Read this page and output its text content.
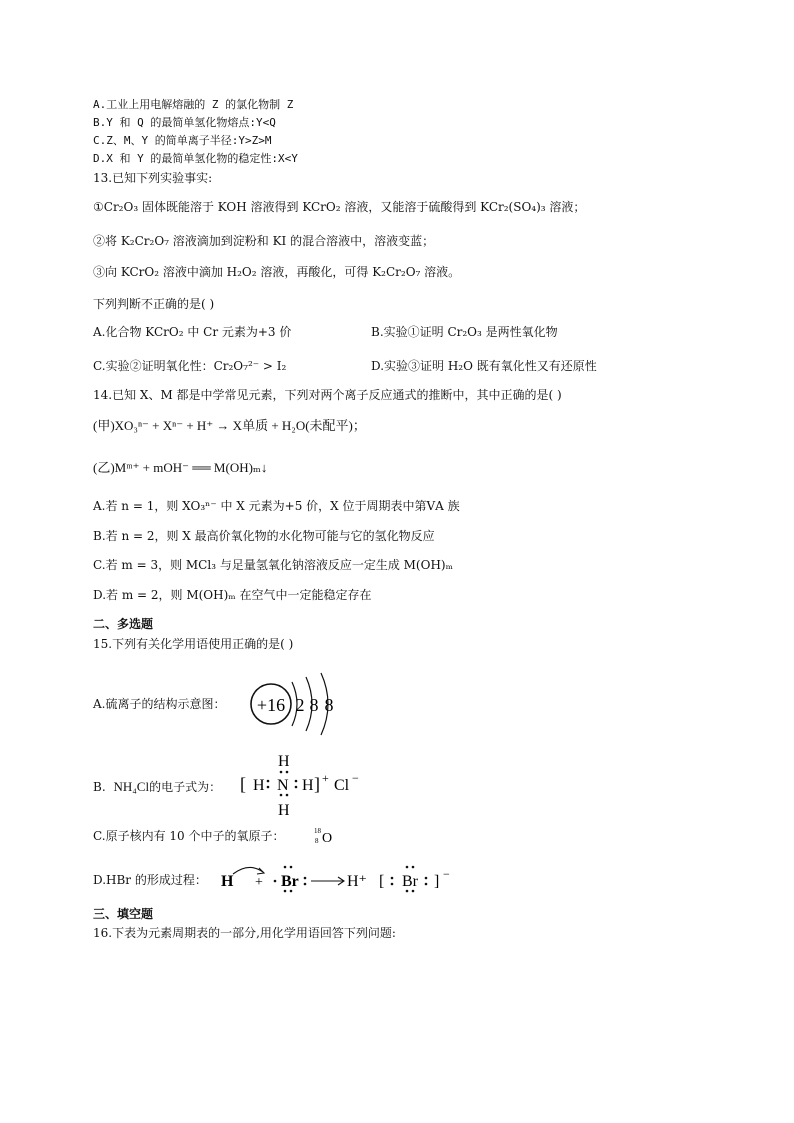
A.工业上用电解熔融的 Z 的氯化物制 Z
B.Y 和 Q 的最简单氢化物熔点:Y<Q
C.Z、M、Y 的简单离子半径:Y>Z>M
D.X 和 Y 的最简单氢化物的稳定性:X<Y
13.已知下列实验事实:
①Cr₂O₃ 固体既能溶于 KOH 溶液得到 KCrO₂ 溶液，又能溶于硫酸得到 KCr₂(SO₄)₃ 溶液；
②将 K₂Cr₂O₇ 溶液滴加到淀粉和 KI 的混合溶液中，溶液变蓝；
③向 KCrO₂ 溶液中滴加 H₂O₂ 溶液，再酸化，可得 K₂Cr₂O₇ 溶液。
下列判断不正确的是( )
A.化合物 KCrO₂ 中 Cr 元素为+3 价	B.实验①证明 Cr₂O₃ 是两性氧化物
C.实验②证明氧化性：Cr₂O₇²⁻ > I₂	D.实验③证明 H₂O 既有氧化性又有还原性
14.已知 X、M 都是中学常见元素，下列对两个离子反应通式的推断中，其中正确的是( )
(甲)XO₃ⁿ⁻ + Xⁿ⁻ + H⁺ → X单质 + H₂O(未配平)；
(乙)Mᵐ⁺ + mOH⁻ ══ M(OH)ₘ↓
A.若 n = 1，则 XO₃ⁿ⁻ 中 X 元素为+5 价，X 位于周期表中第ⅤA 族
B.若 n = 2，则 X 最高价氧化物的水化物可能与它的氢化物反应
C.若 m = 3，则 MCl₃ 与足量氢氧化钠溶液反应一定生成 M(OH)ₘ
D.若 m = 2，则 M(OH)ₘ 在空气中一定能稳定存在
二、多选题
15.下列有关化学用语使用正确的是( )
A.硫离子的结构示意图： +16 2 8 8
B. NH₄Cl的电子式为： [ H
H
N
H
H ] + Cl −
C.原子核内有 10 个中子的氧原子：	18
8 O
D.HBr 的形成过程： H + Br	H⁺ [ Br ] −
三、填空题
16.下表为元素周期表的一部分,用化学用语回答下列问题:
